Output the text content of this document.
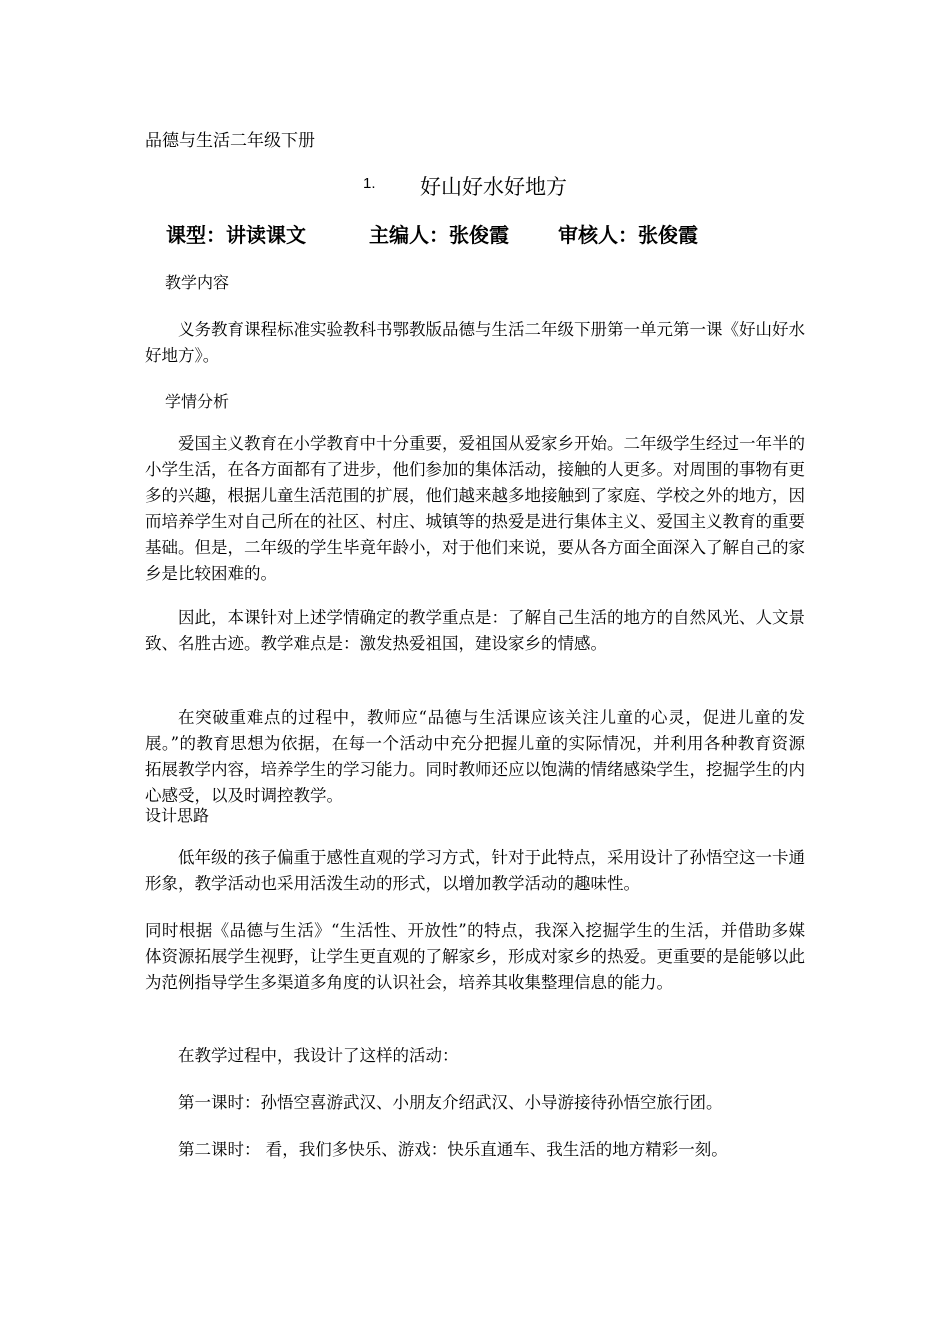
品德与生活二年级下册
1. 好山好水好地方
课型：讲读课文	主编人：张俊霞 审核人：张俊霞
教学内容

义务教育课程标准实验教科书鄂教版品德与生活二年级下册第一单元第一课《好山好水好地方》。

学情分析

爱国主义教育在小学教育中十分重要，爱祖国从爱家乡开始。二年级学生经过一年半的小学生活，在各方面都有了进步，他们参加的集体活动，接触的人更多。对周围的事物有更多的兴趣，根据儿童生活范围的扩展，他们越来越多地接触到了家庭、学校之外的地方，因而培养学生对自己所在的社区、村庄、城镇等的热爱是进行集体主义、爱国主义教育的重要基础。但是，二年级的学生毕竟年龄小，对于他们来说，要从各方面全面深入了解自己的家乡是比较困难的。

因此，本课针对上述学情确定的教学重点是：了解自己生活的地方的自然风光、人文景致、名胜古迹。教学难点是：激发热爱祖国，建设家乡的情感。

在突破重难点的过程中，教师应“品德与生活课应该关注儿童的心灵，促进儿童的发展。”的教育思想为依据，在每一个活动中充分把握儿童的实际情况，并利用各种教育资源拓展教学内容，培养学生的学习能力。同时教师还应以饱满的情绪感染学生，挖掘学生的内心感受，以及时调控教学。

设计思路

低年级的孩子偏重于感性直观的学习方式，针对于此特点，采用设计了孙悟空这一卡通形象，教学活动也采用活泼生动的形式，以增加教学活动的趣味性。

同时根据《品德与生活》“生活性、开放性”的特点，我深入挖掘学生的生活，并借助多媒体资源拓展学生视野，让学生更直观的了解家乡，形成对家乡的热爱。更重要的是能够以此为范例指导学生多渠道多角度的认识社会，培养其收集整理信息的能力。

在教学过程中，我设计了这样的活动：

第一课时：孙悟空喜游武汉、小朋友介绍武汉、小导游接待孙悟空旅行团。

第二课时： 看，我们多快乐、游戏：快乐直通车、我生活的地方精彩一刻。
